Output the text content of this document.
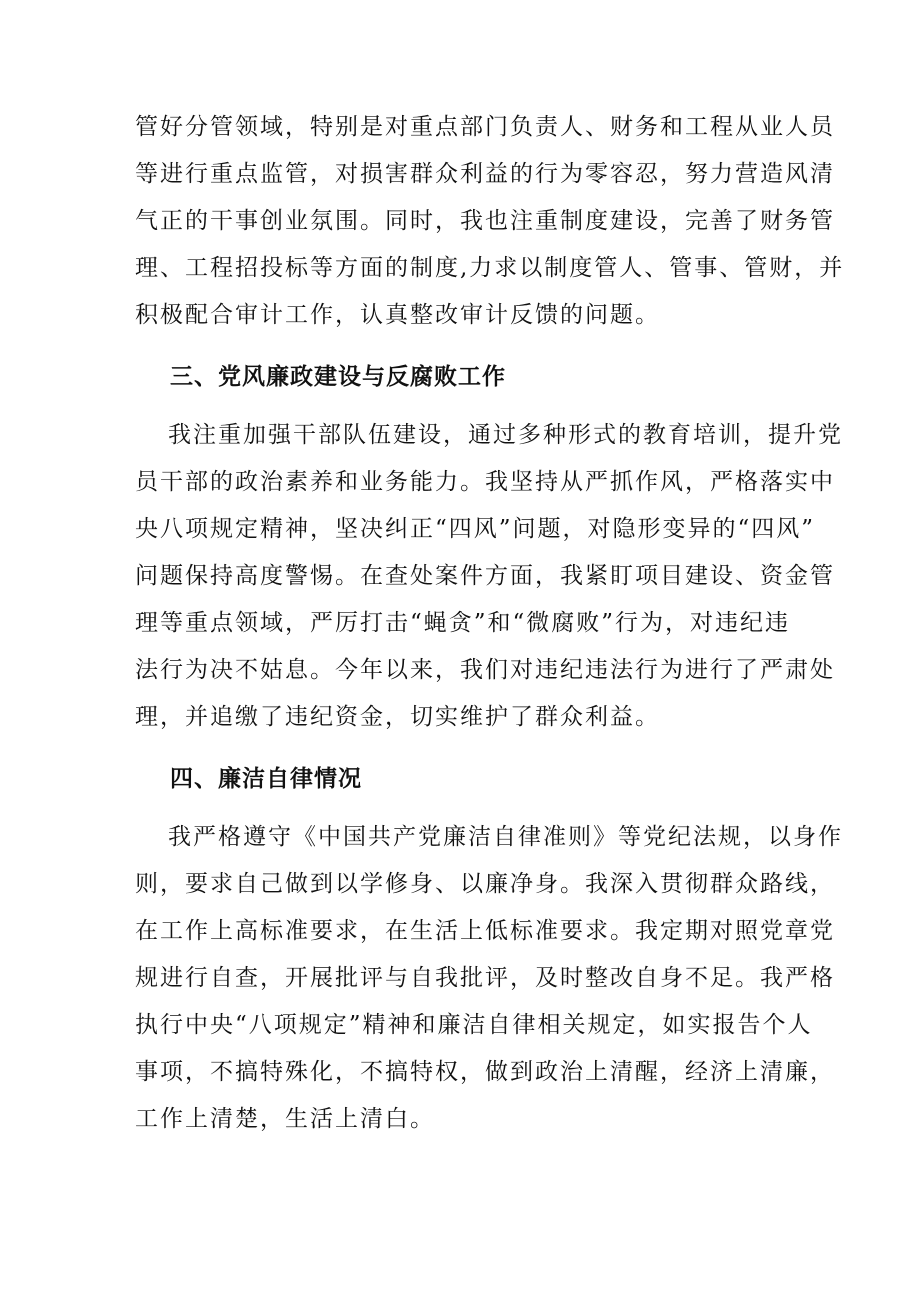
管好分管领域，特别是对重点部门负责人、财务和工程从业人员
等进行重点监管，对损害群众利益的行为零容忍，努力营造风清
气正的干事创业氛围。同时，我也注重制度建设，完善了财务管
理、工程招投标等方面的制度,力求以制度管人、管事、管财，并
积极配合审计工作，认真整改审计反馈的问题。
三、党风廉政建设与反腐败工作
我注重加强干部队伍建设，通过多种形式的教育培训，提升党
员干部的政治素养和业务能力。我坚持从严抓作风，严格落实中
央八项规定精神，坚决纠正“四风”问题，对隐形变异的“四风”
问题保持高度警惕。在查处案件方面，我紧盯项目建设、资金管
理等重点领域，严厉打击“蝇贪”和“微腐败”行为，对违纪违
法行为决不姑息。今年以来，我们对违纪违法行为进行了严肃处
理，并追缴了违纪资金，切实维护了群众利益。
四、廉洁自律情况
我严格遵守《中国共产党廉洁自律准则》等党纪法规，以身作
则，要求自己做到以学修身、以廉净身。我深入贯彻群众路线，
在工作上高标准要求，在生活上低标准要求。我定期对照党章党
规进行自查，开展批评与自我批评，及时整改自身不足。我严格
执行中央“八项规定”精神和廉洁自律相关规定，如实报告个人
事项，不搞特殊化，不搞特权，做到政治上清醒，经济上清廉，
工作上清楚，生活上清白。
